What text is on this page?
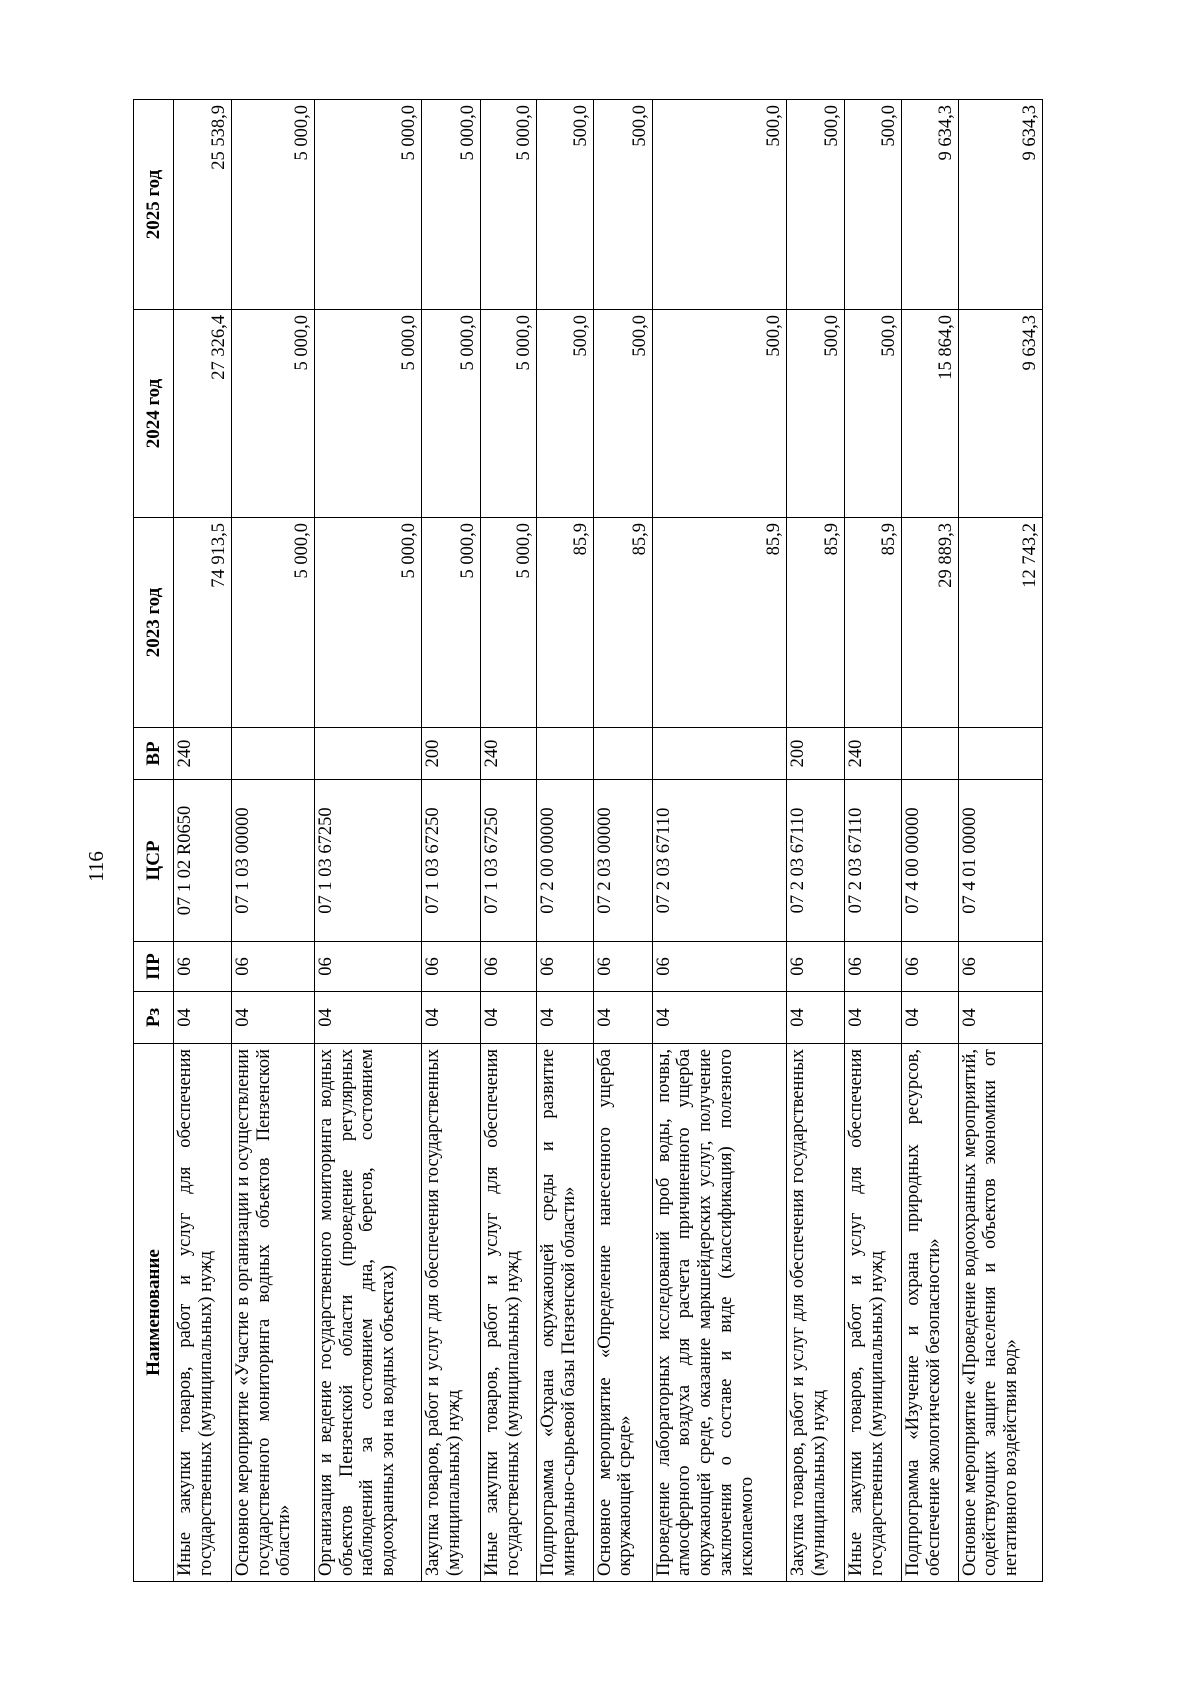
116
Наименование	Рз	ПР	ЦСР	ВР	2023 год	2024 год	2025 год
Иные закупки товаров, работ и услуг для обеспечения государственных (муниципальных) нужд	04	06	07 1 02 R0650	240	74 913,5	27 326,4	25 538,9
Основное мероприятие «Участие в организации и осуществлении государственного мониторинга водных объектов Пензенской области»	04	06	07 1 03 00000		5 000,0	5 000,0	5 000,0
Организация и ведение государственного мониторинга водных объектов Пензенской области (проведение регулярных наблюдений за состоянием дна, берегов, состоянием водоохранных зон на водных объектах)	04	06	07 1 03 67250		5 000,0	5 000,0	5 000,0
Закупка товаров, работ и услуг для обеспечения государственных (муниципальных) нужд	04	06	07 1 03 67250	200	5 000,0	5 000,0	5 000,0
Иные закупки товаров, работ и услуг для обеспечения государственных (муниципальных) нужд	04	06	07 1 03 67250	240	5 000,0	5 000,0	5 000,0
Подпрограмма «Охрана окружающей среды и развитие минерально-сырьевой базы Пензенской области»	04	06	07 2 00 00000		85,9	500,0	500,0
Основное мероприятие «Определение нанесенного ущерба окружающей среде»	04	06	07 2 03 00000		85,9	500,0	500,0
Проведение лабораторных исследований проб воды, почвы, атмосферного воздуха для расчета причиненного ущерба окружающей среде, оказание маркшейдерских услуг, получение заключения о составе и виде (классификация) полезного ископаемого	04	06	07 2 03 67110		85,9	500,0	500,0
Закупка товаров, работ и услуг для обеспечения государственных (муниципальных) нужд	04	06	07 2 03 67110	200	85,9	500,0	500,0
Иные закупки товаров, работ и услуг для обеспечения государственных (муниципальных) нужд	04	06	07 2 03 67110	240	85,9	500,0	500,0
Подпрограмма «Изучение и охрана природных ресурсов, обеспечение экологической безопасности»	04	06	07 4 00 00000		29 889,3	15 864,0	9 634,3
Основное мероприятие «Проведение водоохранных мероприятий, содействующих защите населения и объектов экономики от негативного воздействия вод»	04	06	07 4 01 00000		12 743,2	9 634,3	9 634,3
